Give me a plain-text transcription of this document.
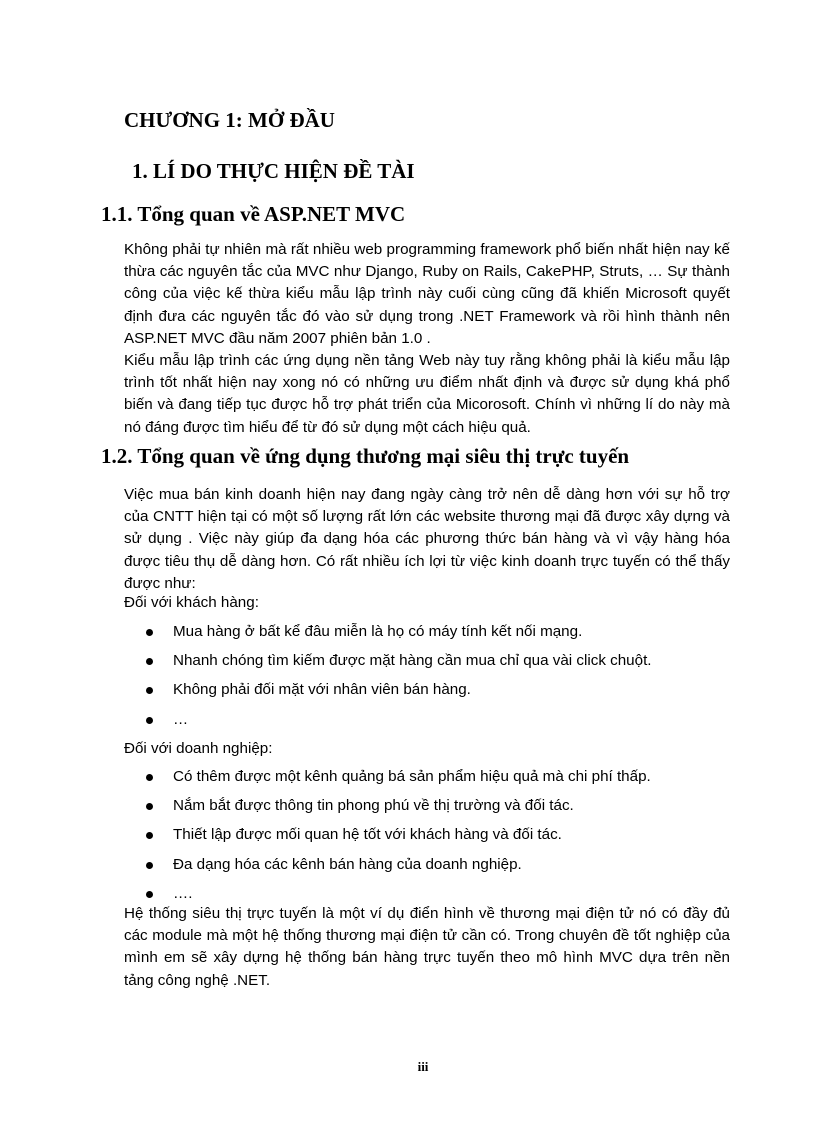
CHƯƠNG 1: MỞ ĐẦU
1. LÍ DO THỰC HIỆN ĐỀ TÀI
1.1. Tổng quan về ASP.NET MVC

Không phải tự nhiên mà rất nhiều web programming framework phổ biến nhất hiện nay kế thừa các nguyên tắc của MVC như Django, Ruby on Rails, CakePHP, Struts, … Sự thành công của việc kế thừa kiểu mẫu lập trình này cuối cùng cũng đã khiến Microsoft quyết định đưa các nguyên tắc đó vào sử dụng trong .NET Framework và rồi hình thành nên ASP.NET MVC đầu năm 2007 phiên bản 1.0 .

Kiểu mẫu lập trình các ứng dụng nền tảng Web này tuy rằng không phải là kiểu mẫu lập trình tốt nhất hiện nay xong nó có những ưu điểm nhất định và được sử dụng khá phổ biến và đang tiếp tục được hỗ trợ phát triển của Micorosoft. Chính vì những lí do này mà nó đáng được tìm hiểu để từ đó sử dụng một cách hiệu quả.

1.2. Tổng quan về ứng dụng thương mại siêu thị trực tuyến

Việc mua bán kinh doanh hiện nay đang ngày càng trở nên dễ dàng hơn với sự hỗ trợ của CNTT hiện tại có một số lượng rất lớn các website thương mại đã được xây dựng và sử dụng . Việc này giúp đa dạng hóa các phương thức bán hàng và vì vậy hàng hóa được tiêu thụ dễ dàng hơn. Có rất nhiều ích lợi từ việc kinh doanh trực tuyến có thể thấy được như:

Đối với khách hàng:

Mua hàng ở bất kể đâu miễn là họ có máy tính kết nối mạng.
Nhanh chóng tìm kiếm được mặt hàng cần mua chỉ qua vài click chuột.
Không phải đối mặt với nhân viên bán hàng.
…

Đối với doanh nghiệp:

Có thêm được một kênh quảng bá sản phẩm hiệu quả mà chi phí thấp.
Nắm bắt được thông tin phong phú về thị trường và đối tác.
Thiết lập được mối quan hệ tốt với khách hàng và đối tác.
Đa dạng hóa các kênh bán hàng của doanh nghiệp.
….

Hệ thống siêu thị trực tuyến là một ví dụ điển hình về thương mại điện tử nó có đầy đủ các module mà một hệ thống thương mại điện tử cần có. Trong chuyên đề tốt nghiệp của mình em sẽ xây dựng hệ thống bán hàng trực tuyến theo mô hình MVC dựa trên nền tảng công nghệ .NET.

iii
